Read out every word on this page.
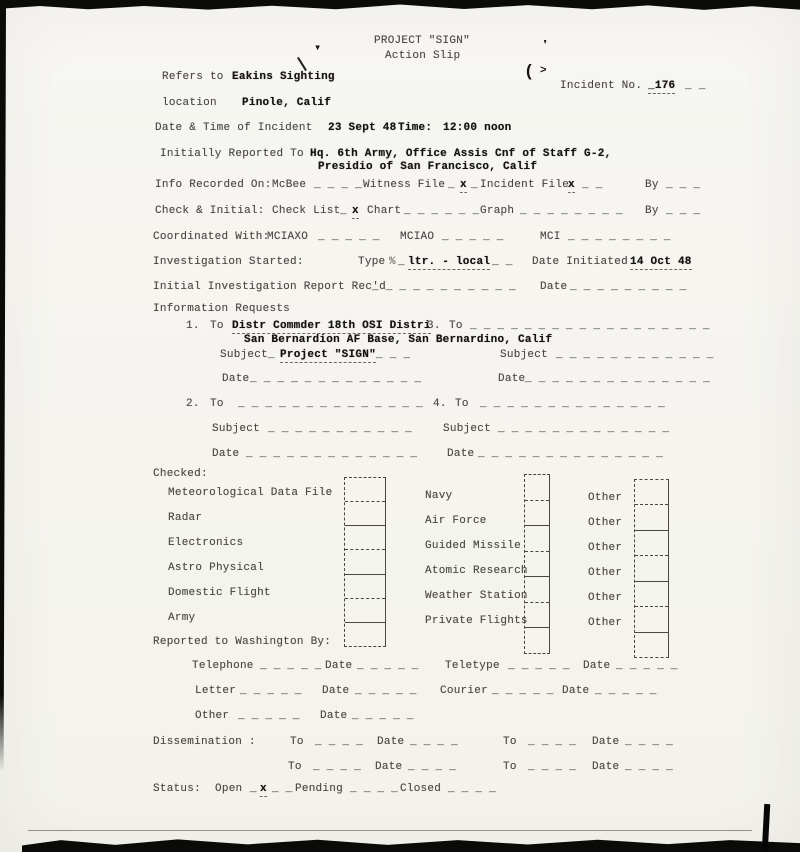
PROJECT "SIGN"
Action Slip
Refers to Eakins Sighting
Incident No. _176 _ _
location Pinole, Calif
Date & Time of Incident 23 Sept 48 Time: 12:00 noon
Initially Reported To Hq. 6th Army, Office Assis Cnf of Staff G-2,
Presidio of San Francisco, Calif
Info Recorded On: McBee _ _ _ _ Witness File _ x _ Incident File
x _ _	By _ _ _
Check & Initial: Check List _ x Chart _ _ _ _ _ _ Graph _ _ _ _ _ _ _ _ By _ _ _
Coordinated With:
MCIAXO _ _ _ _ _ MCIAO _ _ _ _ _	MCI _ _ _ _ _ _ _ _
Investigation Started:	Type % _ ltr. - local _ _ Date Initiated 14 Oct 48
Initial Investigation Report Rec'd
_ _ _ _ _ _ _ _ _ _ _ Date _ _ _ _ _ _ _ _ _
Information Requests
1. To Distr Commder 18th OSI Distri
3. To _ _ _ _ _ _ _ _ _ _ _ _ _ _ _ _ _ _
San Bernardion AF Base, San Bernardino, Calif
Subject _ Project "SIGN" _ _ _	Subject _ _ _ _ _ _ _ _ _ _ _ _
Date _ _ _ _ _ _ _ _ _ _ _ _ _	Date _ _ _ _ _ _ _ _ _ _ _ _ _ _
2. To _ _ _ _ _ _ _ _ _ _ _ _ _ _ 4. To _ _ _ _ _ _ _ _ _ _ _ _ _ _
Subject _ _ _ _ _ _ _ _ _ _ _	Subject _ _ _ _ _ _ _ _ _ _ _ _ _
Date _ _ _ _ _ _ _ _ _ _ _ _ _	Date _ _ _ _ _ _ _ _ _ _ _ _ _ _
Checked:
Meteorological Data File	Navy	Other
Radar	Air Force	Other
Electronics	Guided Missile	Other
Astro Physical	Atomic Research	Other
Domestic Flight	Weather Station	Other
Army	Private Flights	Other
Reported to Washington By:
Telephone _ _ _ _ _ Date _ _ _ _ _ Teletype _ _ _ _ _ Date _ _ _ _ _
Letter _ _ _ _ _ Date _ _ _ _ _ Courier _ _ _ _ _ Date _ _ _ _ _
Other _ _ _ _ _ Date _ _ _ _ _
Dissemination :	To _ _ _ _ Date _ _ _ _	To _ _ _ _ Date _ _ _ _
To _ _ _ _ Date _ _ _ _	To _ _ _ _ Date _ _ _ _
Status: Open _ x _ _ Pending _ _ _ _ Closed _ _ _ _
▾	❜
( ˃
